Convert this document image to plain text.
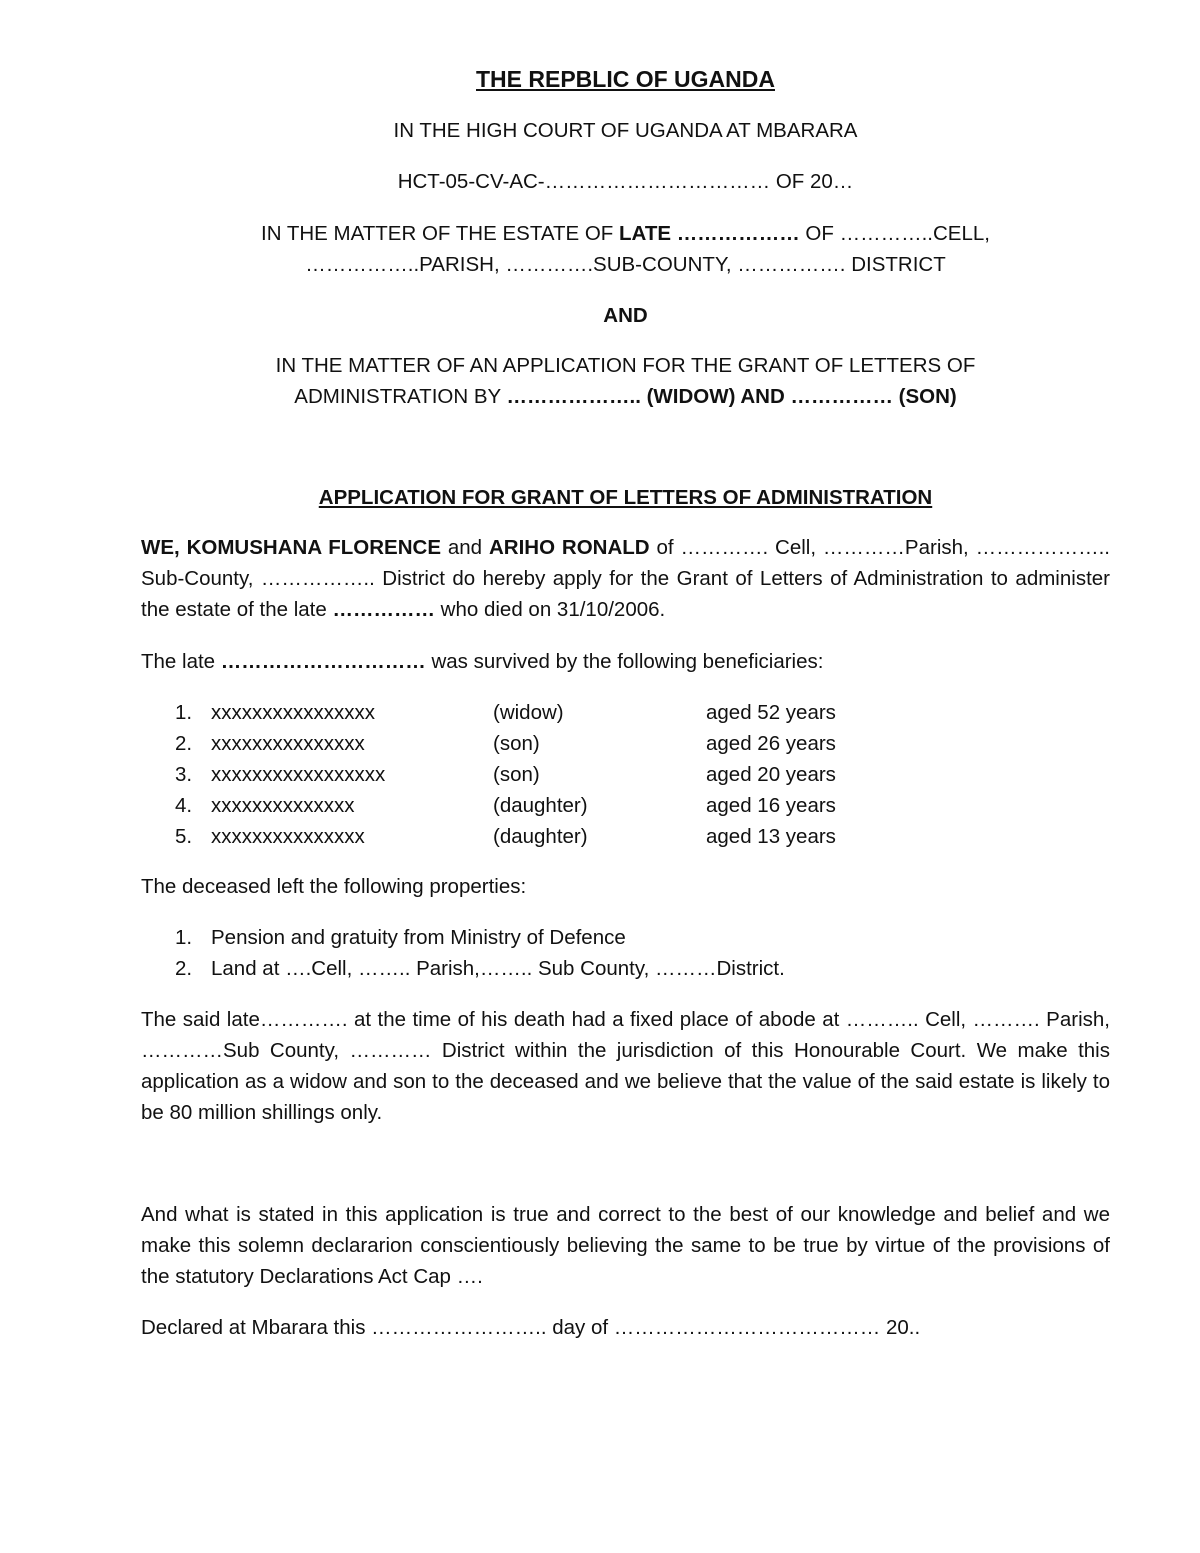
THE REPBLIC OF UGANDA
IN THE HIGH COURT OF UGANDA AT MBARARA
HCT-05-CV-AC-…………………………… OF 20…
IN THE MATTER OF THE ESTATE OF LATE ……………… OF …………..CELL,
……………..PARISH, ………….SUB-COUNTY, ……………. DISTRICT
AND
IN THE MATTER OF AN APPLICATION FOR THE GRANT OF LETTERS OF
ADMINISTRATION BY ……………….. (WIDOW) AND …………… (SON)
APPLICATION FOR GRANT OF LETTERS OF ADMINISTRATION
WE, KOMUSHANA FLORENCE and ARIHO RONALD of …………. Cell, …………Parish, ……………….. Sub-County, …………….. District do hereby apply for the Grant of Letters of Administration to administer the estate of the late …………… who died on 31/10/2006.
The late ………………………… was survived by the following beneficiaries:
1. xxxxxxxxxxxxxxxx	(widow)	aged 52 years
2. xxxxxxxxxxxxxxx	(son)	aged 26 years
3. xxxxxxxxxxxxxxxxx	(son)	aged 20 years
4. xxxxxxxxxxxxxx	(daughter)	aged 16 years
5. xxxxxxxxxxxxxxx	(daughter)	aged 13 years
The deceased left the following properties:
1. Pension and gratuity from Ministry of Defence
2. Land at ….Cell, …….. Parish,…….. Sub County, ………District.
The said late…………. at the time of his death had a fixed place of abode at ……….. Cell, ………. Parish, …………Sub County, ………… District within the jurisdiction of this Honourable Court. We make this application as a widow and son to the deceased and we believe that the value of the said estate is likely to be 80 million shillings only.
And what is stated in this application is true and correct to the best of our knowledge and belief and we make this solemn declararion conscientiously believing the same to be true by virtue of the provisions of the statutory Declarations Act Cap ….
Declared at Mbarara this …………………….. day of ………………………………… 20..
